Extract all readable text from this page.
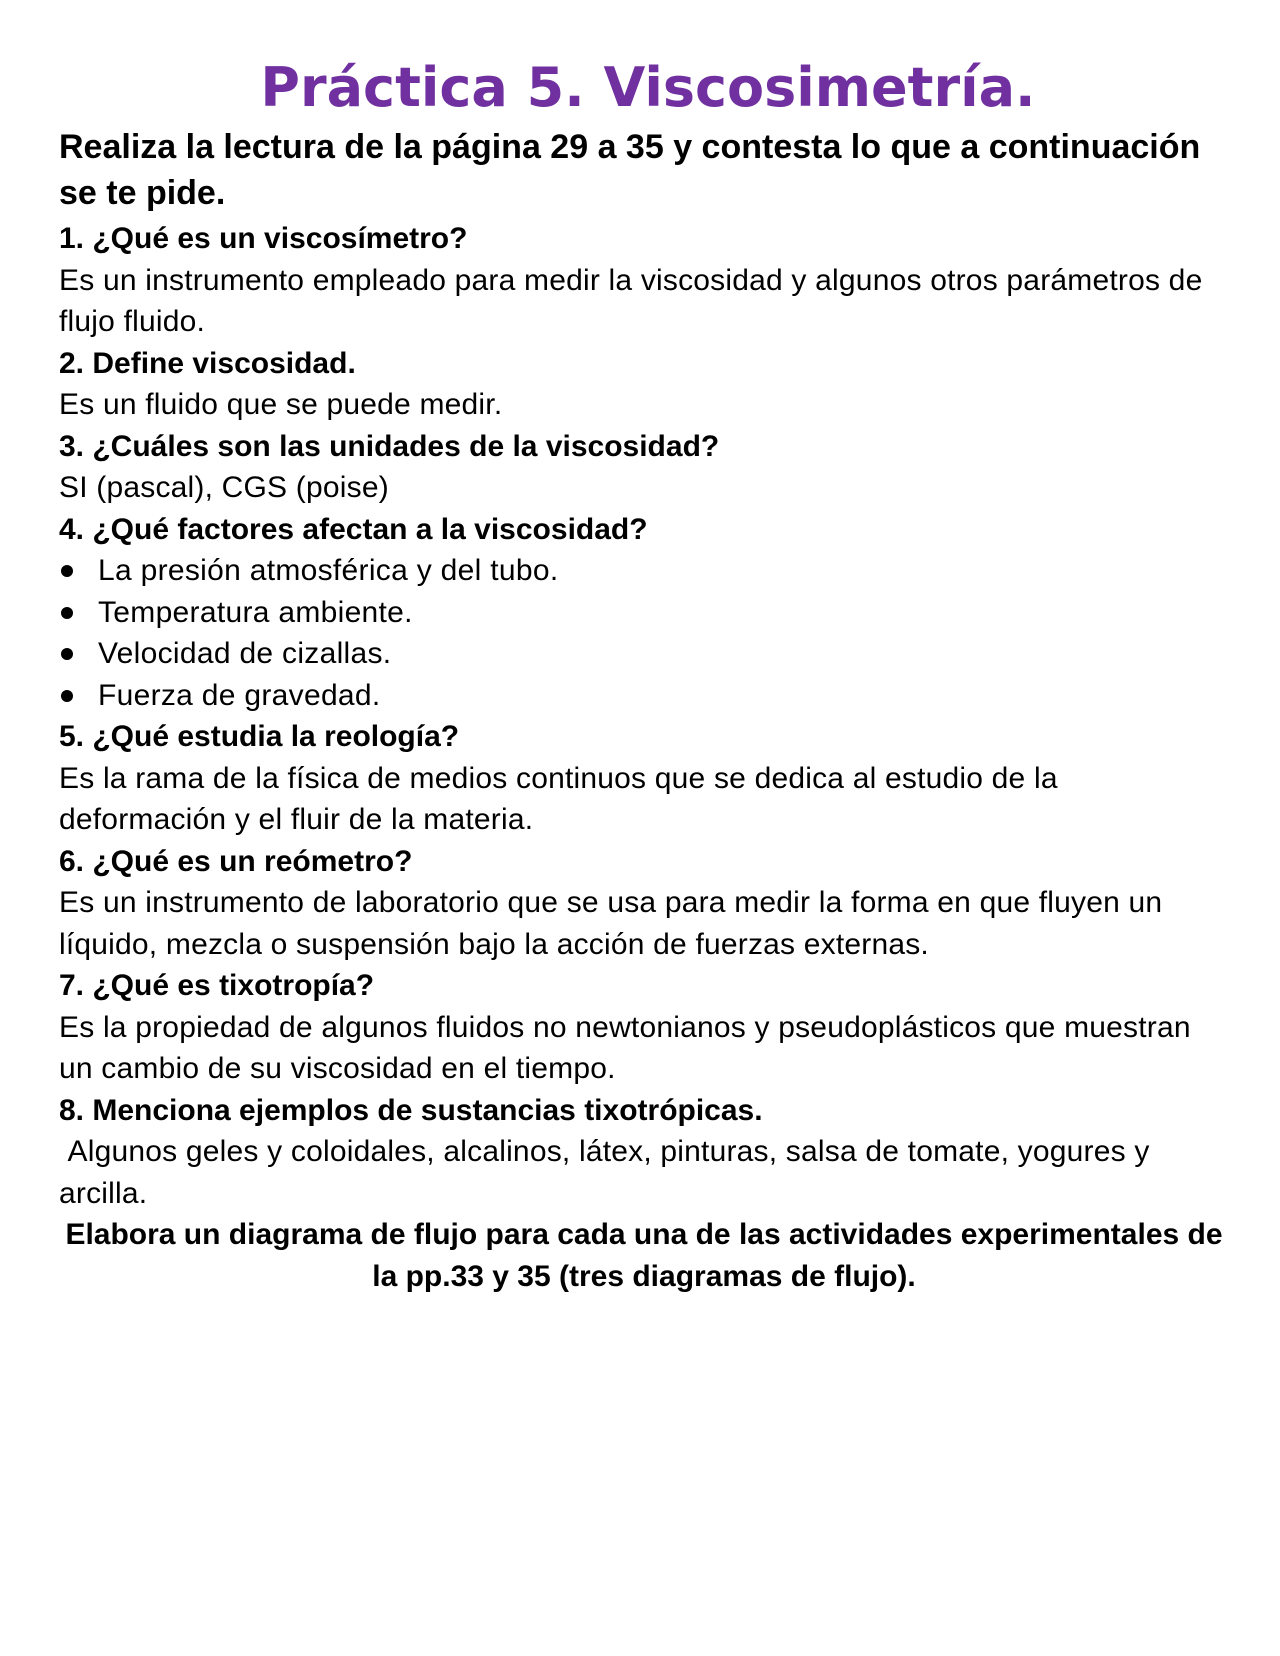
Práctica 5. Viscosimetría.

Realiza la lectura de la página 29 a 35 y contesta lo que a continuación se te pide.

1. ¿Qué es un viscosímetro?

Es un instrumento empleado para medir la viscosidad y algunos otros parámetros de flujo fluido.

2. Define viscosidad.

Es un fluido que se puede medir.

3. ¿Cuáles son las unidades de la viscosidad?

SI (pascal), CGS (poise)

4. ¿Qué factores afectan a la viscosidad?

La presión atmosférica y del tubo.
Temperatura ambiente.
Velocidad de cizallas.
Fuerza de gravedad.

5. ¿Qué estudia la reología?

Es la rama de la física de medios continuos que se dedica al estudio de la deformación y el fluir de la materia.

6. ¿Qué es un reómetro?

Es un instrumento de laboratorio que se usa para medir la forma en que fluyen un líquido, mezcla o suspensión bajo la acción de fuerzas externas.

7. ¿Qué es tixotropía?

Es la propiedad de algunos fluidos no newtonianos y pseudoplásticos que muestran un cambio de su viscosidad en el tiempo.

8. Menciona ejemplos de sustancias tixotrópicas.

Algunos geles y coloidales, alcalinos, látex, pinturas, salsa de tomate, yogures y arcilla.

Elabora un diagrama de flujo para cada una de las actividades experimentales de la pp.33 y 35 (tres diagramas de flujo).
